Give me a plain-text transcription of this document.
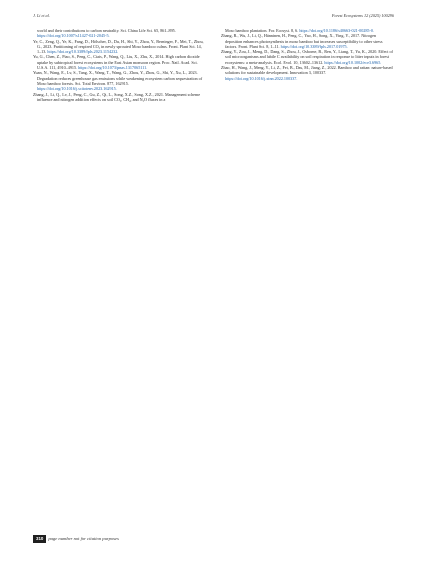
J. Li et al.	Forest Ecosystems 12 (2025) 100296
world and their contributions to carbon neutrality. Sci. China Life Sci. 65, 861–895. https://doi.org/10.1007/s11427-021-2045-5.
Ye, C., Zeng, Q., Ye, K., Fang, D., Hölscher, D., Du, H., Shi, Y., Zhou, Y., Berninger, F., Mei, T., Zhou, G., 2023. Partitioning of respired CO₂ in newly sprouted Moso bamboo culms. Front. Plant Sci. 14, 1–13. https://doi.org/10.3389/fpls.2023.1154232.
Yu, G., Chen, Z., Piao, S., Peng, C., Ciais, P., Wang, Q., Liu, X., Zhu, X., 2014. High carbon dioxide uptake by subtropical forest ecosystems in the East Asian monsoon region. Proc. Natl. Acad. Sci. U.S.A. 111, 4910–4915. https://doi.org/10.1073/pnas.1317065111.
Yuan, N., Wang, E., Lv, S., Tang, X., Wang, T., Wang, G., Zhou, Y., Zhou, G., Shi, Y., Xu, L., 2023. Degradation reduces greenhouse gas emissions while weakening ecosystem carbon sequestration of Moso bamboo forests. Sci. Total Environ. 877, 162915. https://doi.org/10.1016/j.scitotenv.2023.162915.
Zhang, J., Li, Q., Lv, J., Peng, C., Gu, Z., Qi, L., Song, X.Z., Song, X.Z., 2021. Management scheme influence and nitrogen addition effects on soil CO₂, CH₄, and N₂O fluxes in a
Moso bamboo plantation. For. Ecosyst. 8, 6. https://doi.org/10.1186/s40663-021-00285-0.
Zhang, R., Wu, J., Li, Q., Hänninen, H., Peng, C., Yao, H., Song, X., Ying, Y., 2017. Nitrogen deposition enhances photosynthesis in moso bamboo but increases susceptibility to other stress factors. Front. Plant Sci. 8, 1–11. https://doi.org/10.3389/fpls.2017.01975.
Zhang, Y., Zou, J., Meng, D., Dang, S., Zhou, J., Osborne, B., Ren, Y., Liang, T., Yu, K., 2020. Effect of soil microorganisms and labile C availability on soil respiration in response to litter inputs in forest ecosystems: a meta-analysis. Ecol. Evol. 10, 13602–13612. https://doi.org/10.1002/ece3.6965.
Zhao, H., Wang, J., Meng, Y., Li, Z., Fei, B., Das, M., Jiang, Z., 2022. Bamboo and rattan: nature-based solutions for sustainable development. Innovation 3, 100337. https://doi.org/10.1016/j.xinn.2022.100337.
310 page number not for citation purposes
